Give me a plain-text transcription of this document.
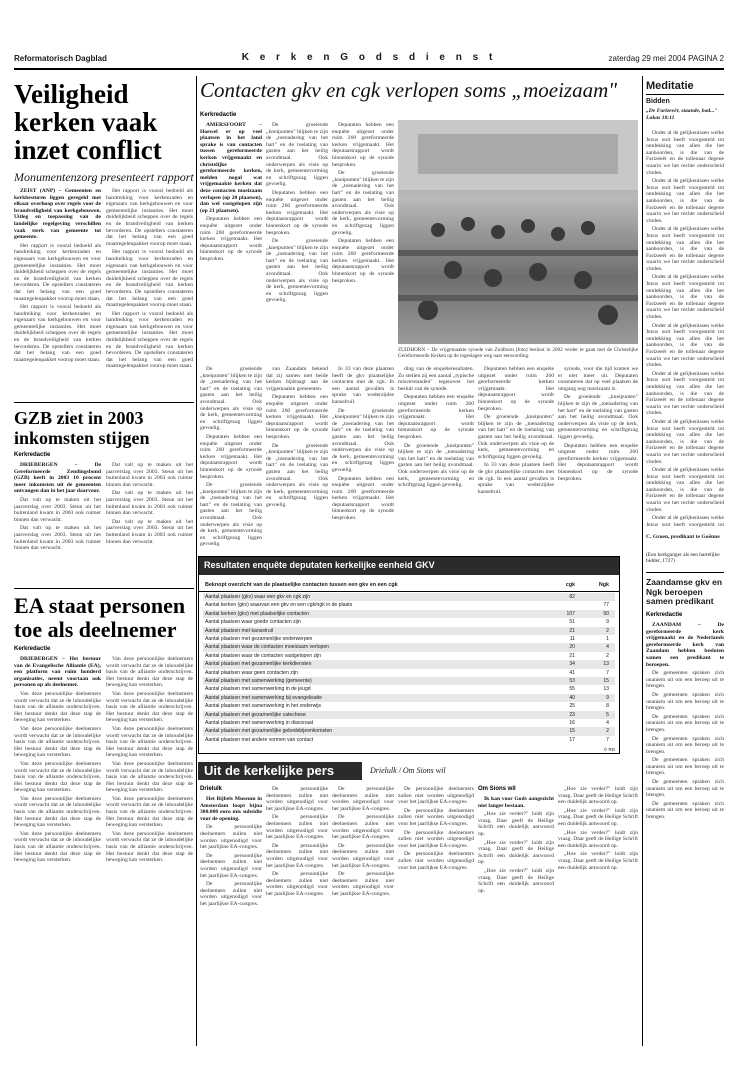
Reformatorisch Dagblad	K e r k e n G o d s d i e n s t	zaterdag 29 mei 2004 PAGINA 2
Veiligheid kerken vaak inzet conflict
Monumentenzorg presenteert rapport

ZEIST (ANP) – Gemeenten en kerkbesturen liggen geregeld met elkaar overhoop over regels voor de brandveiligheid van kerkgebouwen. Uitleg en toepassing van de landelijke regelgeving verschillen vaak sterk van gemeente tot gemeente.

Het rapport is vooral bedoeld als handreiking voor kerkenraden en eigenaars van kerkgebouwen en voor gemeentelijke instanties. Het moet duidelijkheid scheppen over de regels en de brandveiligheid van kerken bevorderen. De opstellers constateren dat het belang van een goed maatregelenpakket voorop moet staan.

Het rapport is vooral bedoeld als handreiking voor kerkenraden en eigenaars van kerkgebouwen en voor gemeentelijke instanties. Het moet duidelijkheid scheppen over de regels en de brandveiligheid van kerken bevorderen. De opstellers constateren dat het belang van een goed maatregelenpakket voorop moet staan.

Het rapport is vooral bedoeld als handreiking voor kerkenraden en eigenaars van kerkgebouwen en voor gemeentelijke instanties. Het moet duidelijkheid scheppen over de regels en de brandveiligheid van kerken bevorderen. De opstellers constateren dat het belang van een goed maatregelenpakket voorop moet staan.

Het rapport is vooral bedoeld als handreiking voor kerkenraden en eigenaars van kerkgebouwen en voor gemeentelijke instanties. Het moet duidelijkheid scheppen over de regels en de brandveiligheid van kerken bevorderen. De opstellers constateren dat het belang van een goed maatregelenpakket voorop moet staan.

Het rapport is vooral bedoeld als handreiking voor kerkenraden en eigenaars van kerkgebouwen en voor gemeentelijke instanties. Het moet duidelijkheid scheppen over de regels en de brandveiligheid van kerken bevorderen. De opstellers constateren dat het belang van een goed maatregelenpakket voorop moet staan.

GZB ziet in 2003 inkomsten stijgen
Kerkredactie

DRIEBERGEN – De Gereformeerde Zendingsbond (GZB) heeft in 2003 10 procent meer inkomsten uit de gemeenten ontvangen dan in het jaar daarvoor.

Dat valt op te maken uit het jaarverslag over 2003. Steun uit het buitenland kwam in 2003 ook ruimer binnen dan verwacht.

Dat valt op te maken uit het jaarverslag over 2003. Steun uit het buitenland kwam in 2003 ook ruimer binnen dan verwacht.

Dat valt op te maken uit het jaarverslag over 2003. Steun uit het buitenland kwam in 2003 ook ruimer binnen dan verwacht.

Dat valt op te maken uit het jaarverslag over 2003. Steun uit het buitenland kwam in 2003 ook ruimer binnen dan verwacht.

Dat valt op te maken uit het jaarverslag over 2003. Steun uit het buitenland kwam in 2003 ook ruimer binnen dan verwacht.

EA staat personen toe als deelnemer
Kerkredactie

DRIEBERGEN – Het bestuur van de Evangelische Alliantie (EA), een platform van ruim honderd organisaties, neemt voortaan ook personen op als deelnemer.

Van deze persoonlijke deelnemers wordt verwacht dat ze de inhoudelijke basis van de alliantie onderschrijven. Het bestuur denkt dat deze stap de beweging kan versterken.

Van deze persoonlijke deelnemers wordt verwacht dat ze de inhoudelijke basis van de alliantie onderschrijven. Het bestuur denkt dat deze stap de beweging kan versterken.

Van deze persoonlijke deelnemers wordt verwacht dat ze de inhoudelijke basis van de alliantie onderschrijven. Het bestuur denkt dat deze stap de beweging kan versterken.

Van deze persoonlijke deelnemers wordt verwacht dat ze de inhoudelijke basis van de alliantie onderschrijven. Het bestuur denkt dat deze stap de beweging kan versterken.

Van deze persoonlijke deelnemers wordt verwacht dat ze de inhoudelijke basis van de alliantie onderschrijven. Het bestuur denkt dat deze stap de beweging kan versterken.

Van deze persoonlijke deelnemers wordt verwacht dat ze de inhoudelijke basis van de alliantie onderschrijven. Het bestuur denkt dat deze stap de beweging kan versterken.

Van deze persoonlijke deelnemers wordt verwacht dat ze de inhoudelijke basis van de alliantie onderschrijven. Het bestuur denkt dat deze stap de beweging kan versterken.

Van deze persoonlijke deelnemers wordt verwacht dat ze de inhoudelijke basis van de alliantie onderschrijven. Het bestuur denkt dat deze stap de beweging kan versterken.

Van deze persoonlijke deelnemers wordt verwacht dat ze de inhoudelijke basis van de alliantie onderschrijven. Het bestuur denkt dat deze stap de beweging kan versterken.

Van deze persoonlijke deelnemers wordt verwacht dat ze de inhoudelijke basis van de alliantie onderschrijven. Het bestuur denkt dat deze stap de beweging kan versterken.

Van deze persoonlijke deelnemers wordt verwacht dat ze de inhoudelijke basis van de alliantie onderschrijven. Het bestuur denkt dat deze stap de beweging kan versterken.

Contacten gkv en cgk verlopen soms „moeizaam"
Kerkredactie

AMERSFOORT – Hoewel er op veel plaatsen in het land sprake is van contacten tussen gereformeerde kerken vrijgemaakt en christelijke gereformeerde kerken, melden nogal wat vrijgemaakte kerken dat deze contacten moeizaam verlopen (op 20 plaatsen), dan wel vastgelopen zijn (op 21 plaatsen).

Deputaten hebben een enquête uitgezet onder ruim 260 gereformeerde kerken vrijgemaakt. Het deputaatsrapport wordt binnenkort op de synode besproken.

De groeiende „kneipunten" blijken te zijn de „toenadering van het hart" en de toelating van gasten aan het heilig avondmaal. Ook onderwerpen als visie op de kerk, gemeentevorming en schriftgezag liggen gevoelig.

Deputaten hebben een enquête uitgezet onder ruim 260 gereformeerde kerken vrijgemaakt. Het deputaatsrapport wordt binnenkort op de synode besproken.

De groeiende „kneipunten" blijken te zijn de „toenadering van het hart" en de toelating van gasten aan het heilig avondmaal. Ook onderwerpen als visie op de kerk, gemeentevorming en schriftgezag liggen gevoelig.

Deputaten hebben een enquête uitgezet onder ruim 260 gereformeerde kerken vrijgemaakt. Het deputaatsrapport wordt binnenkort op de synode besproken.

De groeiende „kneipunten" blijken te zijn de „toenadering van het hart" en de toelating van gasten aan het heilig avondmaal. Ook onderwerpen als visie op de kerk, gemeentevorming en schriftgezag liggen gevoelig.

Deputaten hebben een enquête uitgezet onder ruim 260 gereformeerde kerken vrijgemaakt. Het deputaatsrapport wordt binnenkort op de synode besproken.

ZUIDHORN – De vrijgemaakte synode van Zuidhorn (foto) besloot in 2002 verder te gaan met de Christelijke Gereformeerde Kerken op de ingeslagen weg naar eenwording.

De groeiende „kneipunten" blijken te zijn de „toenadering van het hart" en de toelating van gasten aan het heilig avondmaal. Ook onderwerpen als visie op de kerk, gemeentevorming en schriftgezag liggen gevoelig.

Deputaten hebben een enquête uitgezet onder ruim 260 gereformeerde kerken vrijgemaakt. Het deputaatsrapport wordt binnenkort op de synode besproken.

De groeiende „kneipunten" blijken te zijn de „toenadering van het hart" en de toelating van gasten aan het heilig avondmaal. Ook onderwerpen als visie op de kerk, gemeentevorming en schriftgezag liggen gevoelig.

van Zaandam bekend dat zij samen met beide kerken bijdraagt aan de vrijgemaakte gemeenten.

Deputaten hebben een enquête uitgezet onder ruim 260 gereformeerde kerken vrijgemaakt. Het deputaatsrapport wordt binnenkort op de synode besproken.

De groeiende „kneipunten" blijken te zijn de „toenadering van het hart" en de toelating van gasten aan het heilig avondmaal. Ook onderwerpen als visie op de kerk, gemeentevorming en schriftgezag liggen gevoelig.

In 33 van deze plaatsen heeft de gkv plaatselijke contacten met de cgk. In een aantal gevallen is sprake van wederzijdse kanselruil.

De groeiende „kneipunten" blijken te zijn de „toenadering van het hart" en de toelating van gasten aan het heilig avondmaal. Ook onderwerpen als visie op de kerk, gemeentevorming en schriftgezag liggen gevoelig.

Deputaten hebben een enquête uitgezet onder ruim 260 gereformeerde kerken vrijgemaakt. Het deputaatsrapport wordt binnenkort op de synode besproken.

ding van de enquêteresultaten. Zo stellen zij een aantal „typische misverstanden" tegenover het besluit van de synode.

Deputaten hebben een enquête uitgezet onder ruim 260 gereformeerde kerken vrijgemaakt. Het deputaatsrapport wordt binnenkort op de synode besproken.

De groeiende „kneipunten" blijken te zijn de „toenadering van het hart" en de toelating van gasten aan het heilig avondmaal. Ook onderwerpen als visie op de kerk, gemeentevorming en schriftgezag liggen gevoelig.

Deputaten hebben een enquête uitgezet onder ruim 260 gereformeerde kerken vrijgemaakt. Het deputaatsrapport wordt binnenkort op de synode besproken.

De groeiende „kneipunten" blijken te zijn de „toenadering van het hart" en de toelating van gasten aan het heilig avondmaal. Ook onderwerpen als visie op de kerk, gemeentevorming en schriftgezag liggen gevoelig.

In 33 van deze plaatsen heeft de gkv plaatselijke contacten met de cgk. In een aantal gevallen is sprake van wederzijdse kanselruil.

synode, voor die tijd komen we er niet meer uit. Deputaten constateren dat op veel plaatsen de omgang nog moeizaam is.

De groeiende „kneipunten" blijken te zijn de „toenadering van het hart" en de toelating van gasten aan het heilig avondmaal. Ook onderwerpen als visie op de kerk, gemeentevorming en schriftgezag liggen gevoelig.

Deputaten hebben een enquête uitgezet onder ruim 260 gereformeerde kerken vrijgemaakt. Het deputaatsrapport wordt binnenkort op de synode besproken.

Resultaten enquête deputaten kerkelijke eenheid GKV
Beknopt overzicht van de plaatselijke contacten tussen een gkv en een cgk	cgk	Ngk
Aantal plaatsen (gkv) waar een gkv en cgk zijn	82
Aantal kerken (gkv) waarvan een gkv en een cgk/ngk in de plaats	77
Aantal kerken (gkv) met plaatselijke contacten	107	50
Aantal plaatsen waar goede contacten zijn	51	9
Aantal plaatsen met kanselruil	21	2
Aantal plaatsen met gezamenlijke onderwerpen	11	1
Aantal plaatsen waar de contacten moeizaam verlopen	20	4
Aantal plaatsen waar de contacten vastgelopen zijn	21	2
Aantal plaatsen met gezamenlijke kerkdiensten	34	13
Aantal plaatsen waar geen contacten zijn	41	7
Aantal plaatsen met samenwerking (gemeente)	53	15
Aantal plaatsen met samenwerking in de jeugd	55	13
Aantal plaatsen met samenwerking bij evangelisatie	40	9
Aantal plaatsen met samenwerking in het onderwijs	25	8
Aantal plaatsen met gezamenlijke catechese	23	5
Aantal plaatsen met samenwerking in diaconaat	16	4
Aantal plaatsen met gezamenlijke gebedsbijeenkomsten	15	2
Aantal plaatsen met andere vormen van contact	17	7
© RD
Uit de kerkelijke pers	Drielulk / Om Sions wil
Drielulk

Het Bijbels Museum in Amsterdam loopt bijna 300.000 euro mis subsidie voor de opening.

De persoonlijke deelnemers zullen niet worden uitgenodigd voor het jaarlijkse EA-congres.

De persoonlijke deelnemers zullen niet worden uitgenodigd voor het jaarlijkse EA-congres.

De persoonlijke deelnemers zullen niet worden uitgenodigd voor het jaarlijkse EA-congres.

De persoonlijke deelnemers zullen niet worden uitgenodigd voor het jaarlijkse EA-congres.

De persoonlijke deelnemers zullen niet worden uitgenodigd voor het jaarlijkse EA-congres.

De persoonlijke deelnemers zullen niet worden uitgenodigd voor het jaarlijkse EA-congres.

De persoonlijke deelnemers zullen niet worden uitgenodigd voor het jaarlijkse EA-congres.

De persoonlijke deelnemers zullen niet worden uitgenodigd voor het jaarlijkse EA-congres.

De persoonlijke deelnemers zullen niet worden uitgenodigd voor het jaarlijkse EA-congres.

De persoonlijke deelnemers zullen niet worden uitgenodigd voor het jaarlijkse EA-congres.

De persoonlijke deelnemers zullen niet worden uitgenodigd voor het jaarlijkse EA-congres.

De persoonlijke deelnemers zullen niet worden uitgenodigd voor het jaarlijkse EA-congres.

De persoonlijke deelnemers zullen niet worden uitgenodigd voor het jaarlijkse EA-congres.

De persoonlijke deelnemers zullen niet worden uitgenodigd voor het jaarlijkse EA-congres.

De persoonlijke deelnemers zullen niet worden uitgenodigd voor het jaarlijkse EA-congres.

Om Sions wil

Ik kan voor Gods aangezicht niet langer bestaan.

„Hoe zie verder?" luidt zijn vraag. Daar geeft de Heilige Schrift een duidelijk antwoord op.

„Hoe zie verder?" luidt zijn vraag. Daar geeft de Heilige Schrift een duidelijk antwoord op.

„Hoe zie verder?" luidt zijn vraag. Daar geeft de Heilige Schrift een duidelijk antwoord op.

„Hoe zie verder?" luidt zijn vraag. Daar geeft de Heilige Schrift een duidelijk antwoord op.

„Hoe zie verder?" luidt zijn vraag. Daar geeft de Heilige Schrift een duidelijk antwoord op.

„Hoe zie verder?" luidt zijn vraag. Daar geeft de Heilige Schrift een duidelijk antwoord op.

„Hoe zie verder?" luidt zijn vraag. Daar geeft de Heilige Schrift een duidelijk antwoord op.

Meditatie
Bidden
„De Farizeeër, staande, bad..." Lukas 18:11

Onder al de gelijkenissen welke Jezus ooit heeft voorgesteld tot ontdekking van allen die het aanhoorden, is die van de Farizeeër en de tollenaar degene waarin we het rechte onderscheid vinden.

Onder al de gelijkenissen welke Jezus ooit heeft voorgesteld tot ontdekking van allen die het aanhoorden, is die van de Farizeeër en de tollenaar degene waarin we het rechte onderscheid vinden.

Onder al de gelijkenissen welke Jezus ooit heeft voorgesteld tot ontdekking van allen die het aanhoorden, is die van de Farizeeër en de tollenaar degene waarin we het rechte onderscheid vinden.

Onder al de gelijkenissen welke Jezus ooit heeft voorgesteld tot ontdekking van allen die het aanhoorden, is die van de Farizeeër en de tollenaar degene waarin we het rechte onderscheid vinden.

Onder al de gelijkenissen welke Jezus ooit heeft voorgesteld tot ontdekking van allen die het aanhoorden, is die van de Farizeeër en de tollenaar degene waarin we het rechte onderscheid vinden.

Onder al de gelijkenissen welke Jezus ooit heeft voorgesteld tot ontdekking van allen die het aanhoorden, is die van de Farizeeër en de tollenaar degene waarin we het rechte onderscheid vinden.

Onder al de gelijkenissen welke Jezus ooit heeft voorgesteld tot ontdekking van allen die het aanhoorden, is die van de Farizeeër en de tollenaar degene waarin we het rechte onderscheid vinden.

Onder al de gelijkenissen welke Jezus ooit heeft voorgesteld tot ontdekking van allen die het aanhoorden, is die van de Farizeeër en de tollenaar degene waarin we het rechte onderscheid vinden.

Onder al de gelijkenissen welke Jezus ooit heeft voorgesteld tot

C. Groen, predikant te Goënne
(Een kerkganger als een hartelijke bidder, 1727)
Zaandamse gkv en Ngk beroepen samen predikant
Kerkredactie

ZAANDAM – De gereformeerde kerk vrijgemaakt en de Nederlands gereformeerde kerk van Zaandam hebben besloten samen een predikant te beroepen.

De gemeenten spraken zich unaniem uit om een beroep uit te brengen.

De gemeenten spraken zich unaniem uit om een beroep uit te brengen.

De gemeenten spraken zich unaniem uit om een beroep uit te brengen.

De gemeenten spraken zich unaniem uit om een beroep uit te brengen.

De gemeenten spraken zich unaniem uit om een beroep uit te brengen.

De gemeenten spraken zich unaniem uit om een beroep uit te brengen.

De gemeenten spraken zich unaniem uit om een beroep uit te brengen.
